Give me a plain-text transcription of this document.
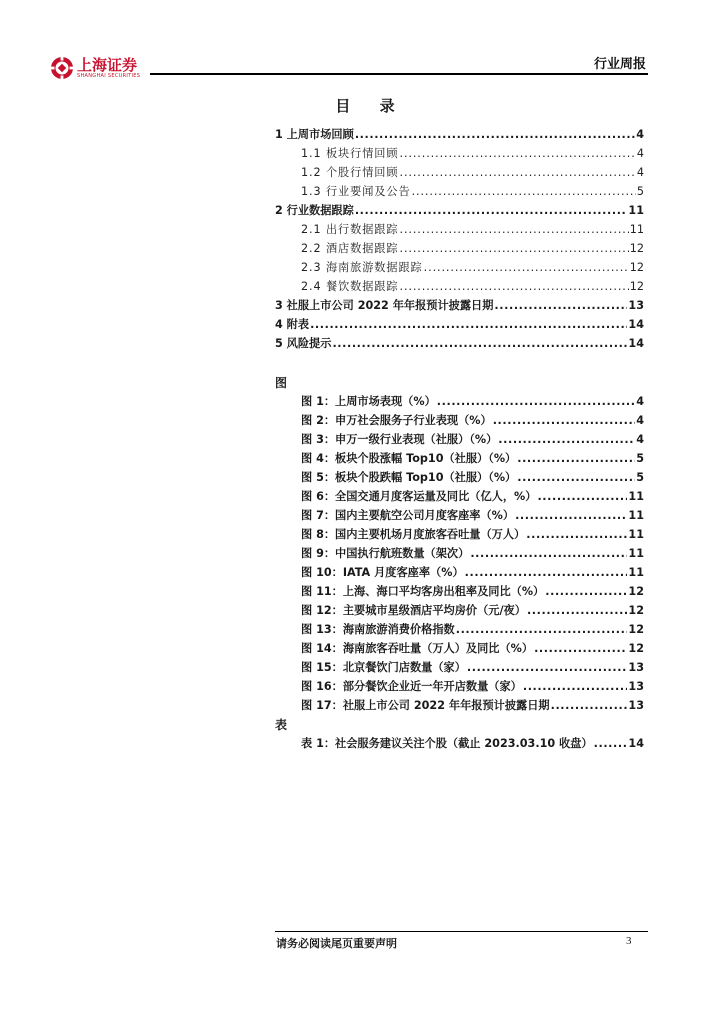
上海证券
SHANGHAI SECURITIES
行业周报
目 录
1 上周市场回顾 .....	4
1.1 板块行情回顾 .....	4
1.2 个股行情回顾 .....	4
1.3 行业要闻及公告 .....	5
2 行业数据跟踪 .....	11
2.1 出行数据跟踪 .....	11
2.2 酒店数据跟踪 .....	12
2.3 海南旅游数据跟踪 .....	12
2.4 餐饮数据跟踪 .....	12
3 社服上市公司 2022 年年报预计披露日期 .....	13
4 附表 .....	14
5 风险提示 .....	14
图
图 1：上周市场表现（%） .....	4
图 2：申万社会服务子行业表现（%） .....	4
图 3：申万一级行业表现（社服）（%） .....	4
图 4：板块个股涨幅 Top10（社服）（%） .....	5
图 5：板块个股跌幅 Top10（社服）（%） .....	5
图 6：全国交通月度客运量及同比（亿人，%） .....	11
图 7：国内主要航空公司月度客座率（%） .....	11
图 8：国内主要机场月度旅客吞吐量（万人） .....	11
图 9：中国执行航班数量（架次） .....	11
图 10：IATA 月度客座率（%） .....	11
图 11：上海、海口平均客房出租率及同比（%） .....	12
图 12：主要城市星级酒店平均房价（元/夜） .....	12
图 13：海南旅游消费价格指数 .....	12
图 14：海南旅客吞吐量（万人）及同比（%） .....	12
图 15：北京餐饮门店数量（家） .....	13
图 16：部分餐饮企业近一年开店数量（家） .....	13
图 17：社服上市公司 2022 年年报预计披露日期 .....	13
表
表 1：社会服务建议关注个股（截止 2023.03.10 收盘） .....	14
请务必阅读尾页重要声明	3
